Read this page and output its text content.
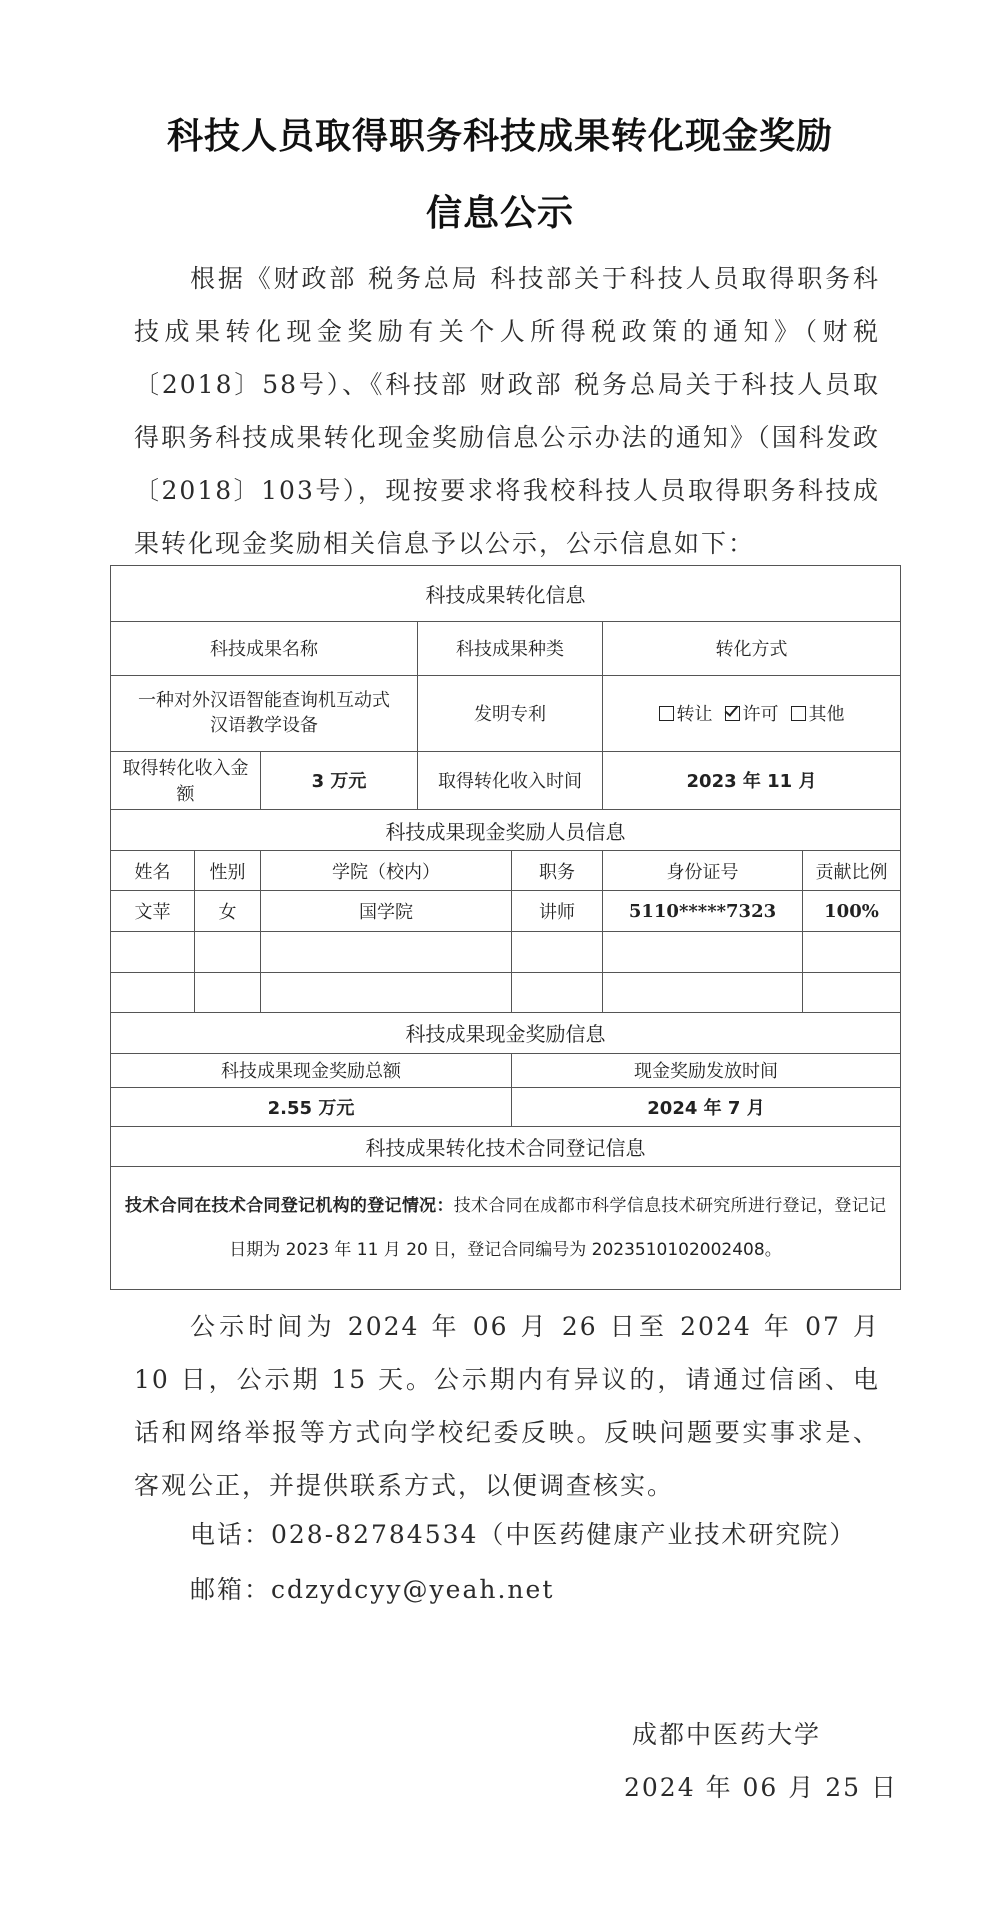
科技人员取得职务科技成果转化现金奖励
信息公示
根据《财政部 税务总局 科技部关于科技人员取得职务科技成果转化现金奖励有关个人所得税政策的通知》（财税〔2018〕58号）、《科技部 财政部 税务总局关于科技人员取得职务科技成果转化现金奖励信息公示办法的通知》（国科发政〔2018〕103号），现按要求将我校科技人员取得职务科技成果转化现金奖励相关信息予以公示，公示信息如下：
科技成果转化信息						
科技成果名称			科技成果种类		转化方式	
一种对外汉语智能查询机互动式汉语教学设备			发明专利		转让 许可 其他	
取得转化收入金额		3 万元	取得转化收入时间		2023 年 11 月	
科技成果现金奖励人员信息						
姓名	性别	学院（校内）		职务	身份证号	贡献比例
文苹	女	国学院		讲师	5110*****7323	100%

科技成果现金奖励信息						
科技成果现金奖励总额				现金奖励发放时间		
2.55 万元				2024 年 7 月		
科技成果转化技术合同登记信息						
技术合同在技术合同登记机构的登记情况：技术合同在成都市科学信息技术研究所进行登记，登记记日期为 2023 年 11 月 20 日，登记合同编号为 2023510102002408。						
公示时间为 2024 年 06 月 26 日至 2024 年 07 月 10 日，公示期 15 天。公示期内有异议的，请通过信函、电话和网络举报等方式向学校纪委反映。反映问题要实事求是、客观公正，并提供联系方式，以便调查核实。
电话：028-82784534（中医药健康产业技术研究院）
邮箱：cdzydcyy@yeah.net
成都中医药大学
2024 年 06 月 25 日
